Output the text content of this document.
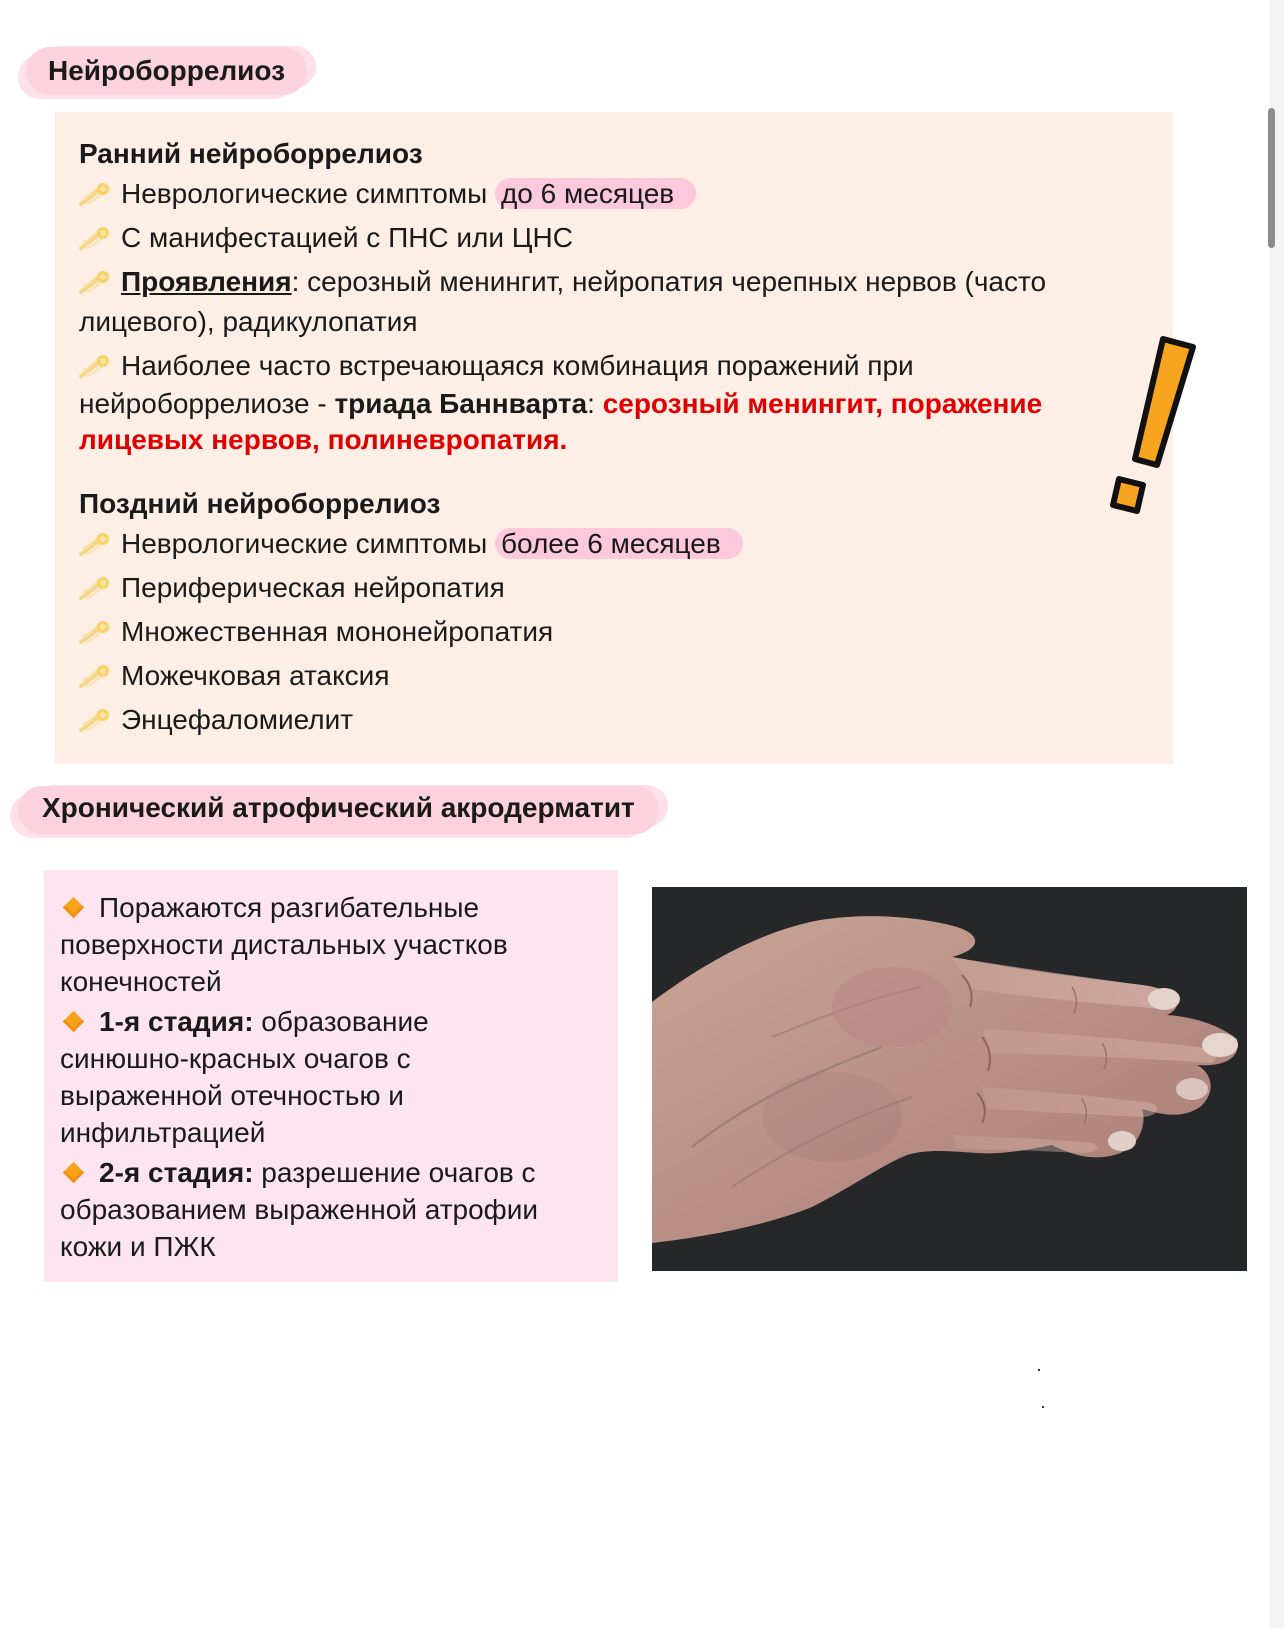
Нейроборрелиоз
Ранний нейроборрелиоз
Неврологические симптомы до 6 месяцев
С манифестацией с ПНС или ЦНС
Проявления: серозный менингит, нейропатия черепных нервов (часто
лицевого), радикулопатия
Наиболее часто встречающаяся комбинация поражений при
нейроборрелиозе - триада Баннварта: серозный менингит, поражение
лицевых нервов, полиневропатия.
Поздний нейроборрелиоз
Неврологические симптомы более 6 месяцев
Периферическая нейропатия
Множественная мононейропатия
Можечковая атаксия
Энцефаломиелит
Хронический атрофический акродерматит
Поражаются разгибательные
поверхности дистальных участков
конечностей
1-я стадия: образование
синюшно-красных очагов с
выраженной отечностью и
инфильтрацией
2-я стадия: разрешение очагов с
образованием выраженной атрофии
кожи и ПЖК
